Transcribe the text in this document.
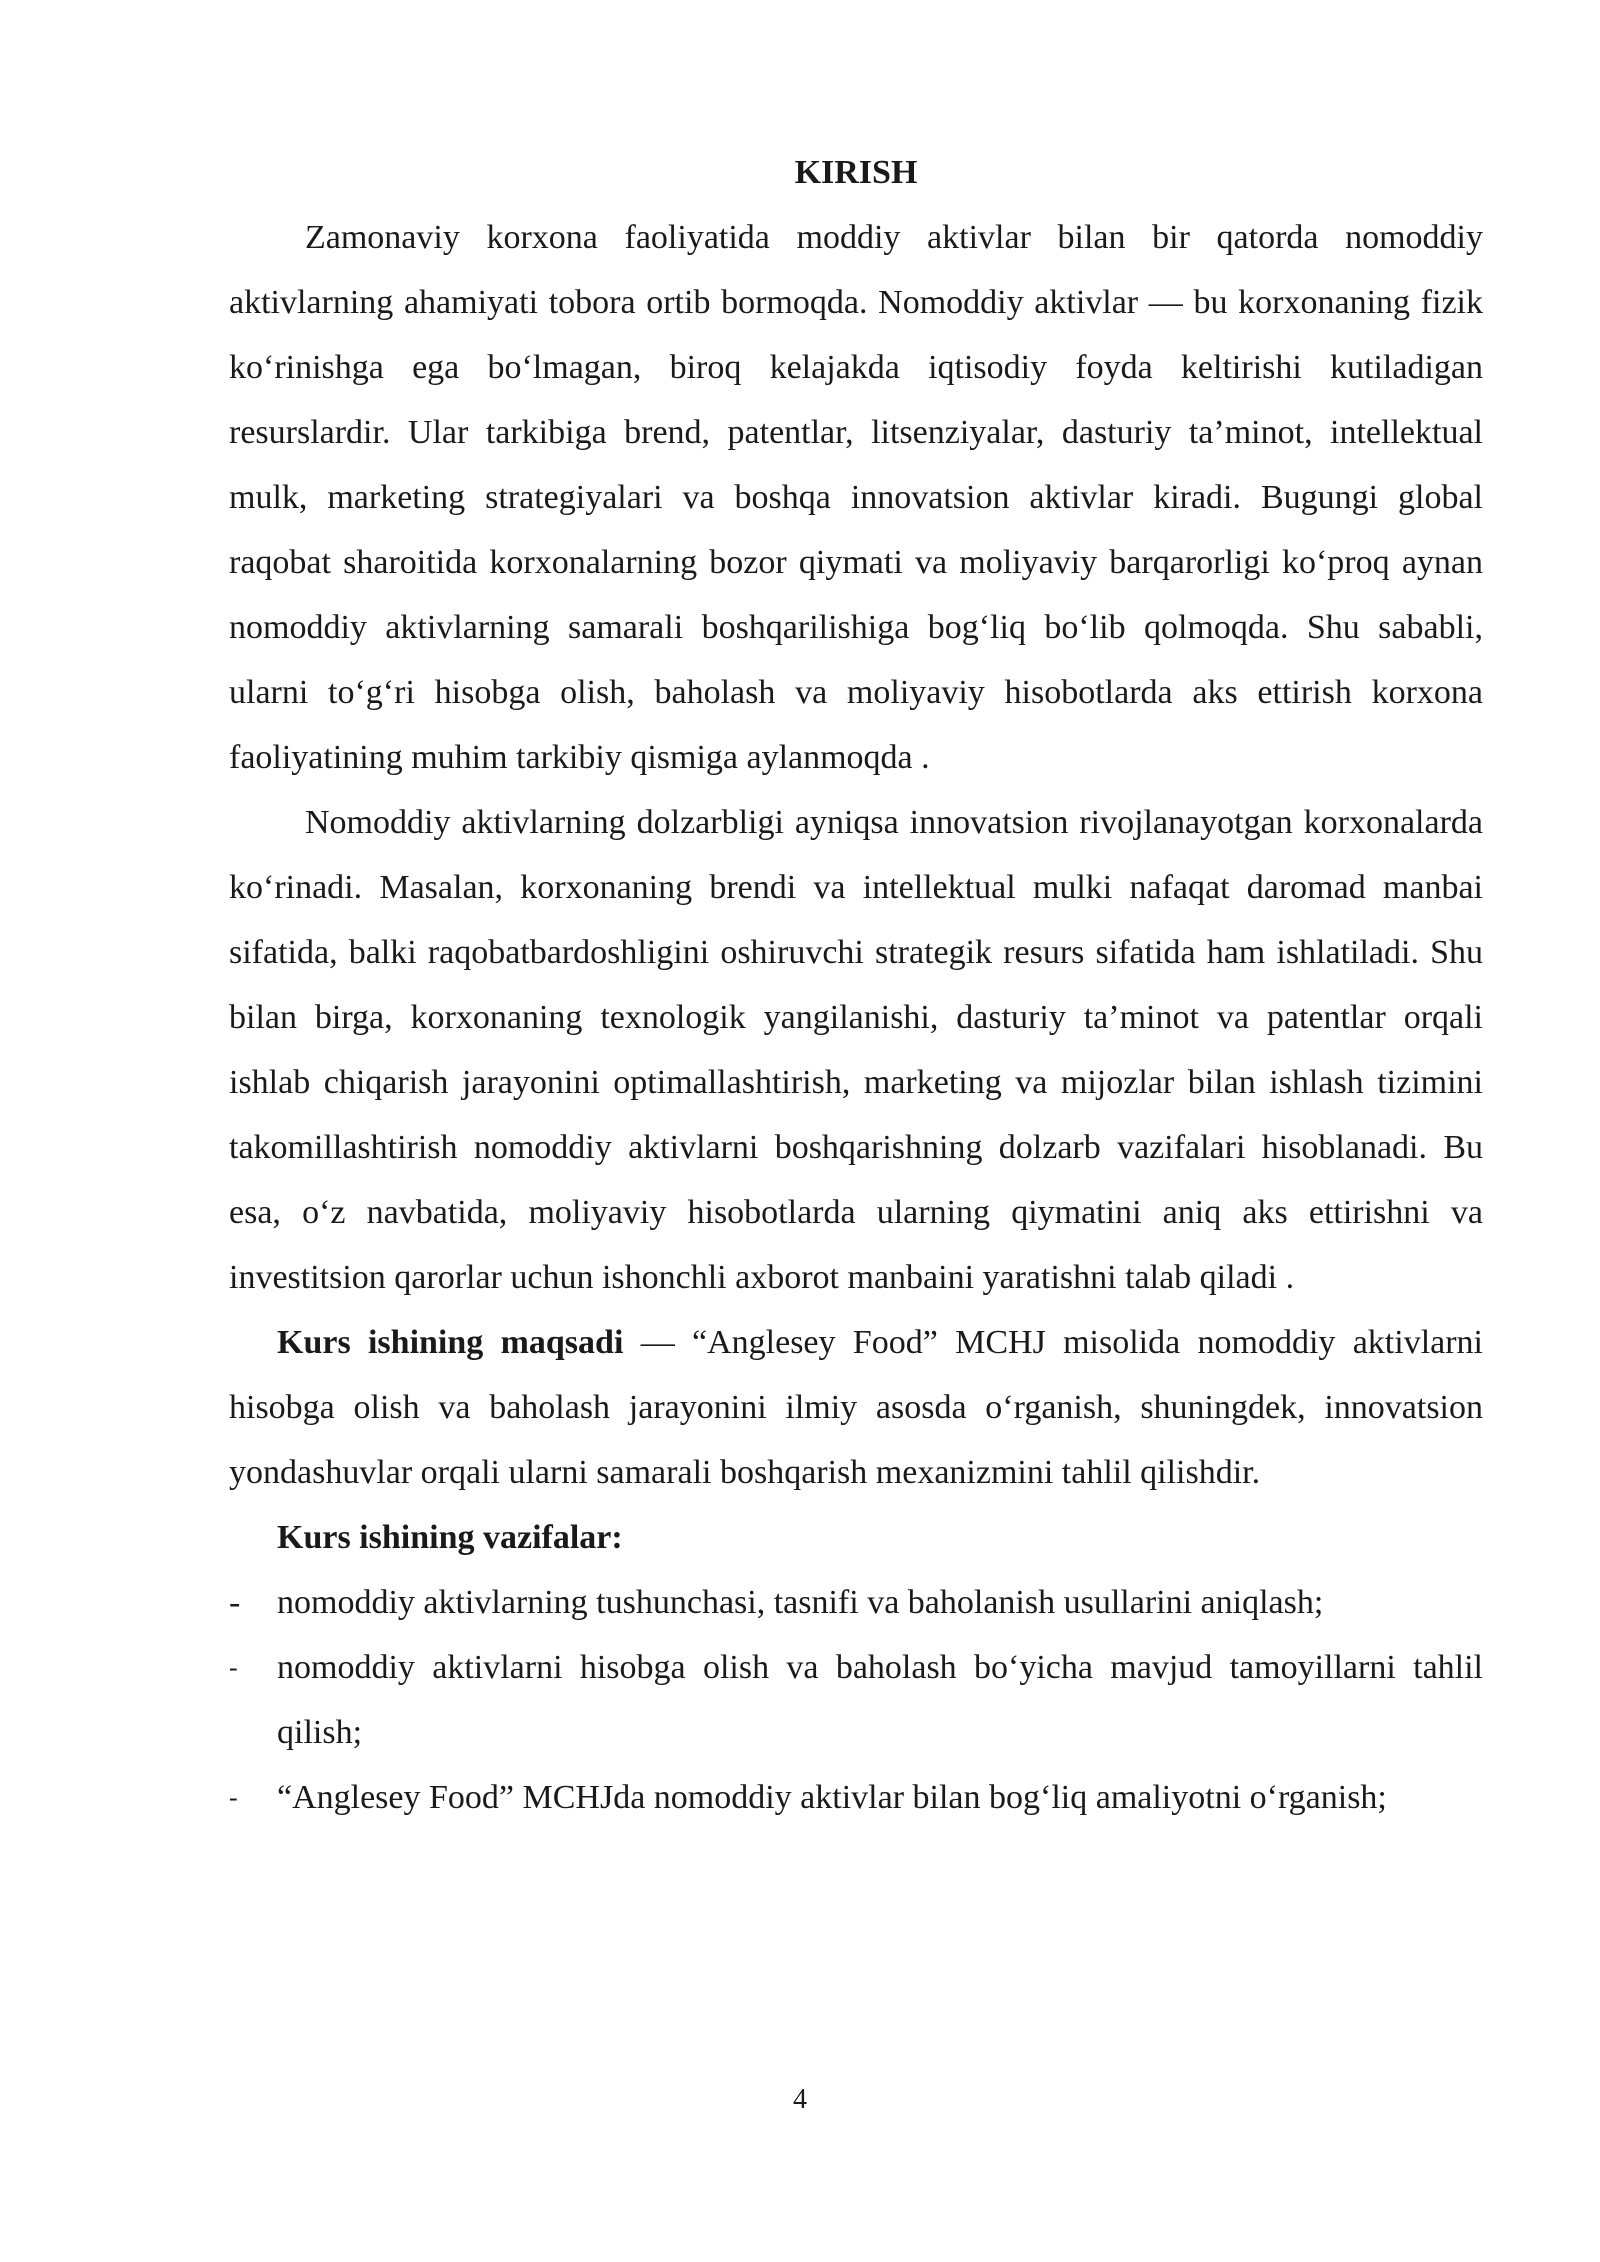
KIRISH

Zamonaviy korxona faoliyatida moddiy aktivlar bilan bir qatorda nomoddiy aktivlarning ahamiyati tobora ortib bormoqda. Nomoddiy aktivlar — bu korxonaning fizik ko‘rinishga ega bo‘lmagan, biroq kelajakda iqtisodiy foyda keltirishi kutiladigan resurslardir. Ular tarkibiga brend, patentlar, litsenziyalar, dasturiy ta’minot, intellektual mulk, marketing strategiyalari va boshqa innovatsion aktivlar kiradi. Bugungi global raqobat sharoitida korxonalarning bozor qiymati va moliyaviy barqarorligi ko‘proq aynan nomoddiy aktivlarning samarali boshqarilishiga bog‘liq bo‘lib qolmoqda. Shu sababli, ularni to‘g‘ri hisobga olish, baholash va moliyaviy hisobotlarda aks ettirish korxona faoliyatining muhim tarkibiy qismiga aylanmoqda .

Nomoddiy aktivlarning dolzarbligi ayniqsa innovatsion rivojlanayotgan korxonalarda ko‘rinadi. Masalan, korxonaning brendi va intellektual mulki nafaqat daromad manbai sifatida, balki raqobatbardoshligini oshiruvchi strategik resurs sifatida ham ishlatiladi. Shu bilan birga, korxonaning texnologik yangilanishi, dasturiy ta’minot va patentlar orqali ishlab chiqarish jarayonini optimallashtirish, marketing va mijozlar bilan ishlash tizimini takomillashtirish nomoddiy aktivlarni boshqarishning dolzarb vazifalari hisoblanadi. Bu esa, o‘z navbatida, moliyaviy hisobotlarda ularning qiymatini aniq aks ettirishni va investitsion qarorlar uchun ishonchli axborot manbaini yaratishni talab qiladi .

Kurs ishining maqsadi — “Anglesey Food” MCHJ misolida nomoddiy aktivlarni hisobga olish va baholash jarayonini ilmiy asosda o‘rganish, shuningdek, innovatsion yondashuvlar orqali ularni samarali boshqarish mexanizmini tahlil qilishdir.

Kurs ishining vazifalar:

- nomoddiy aktivlarning tushunchasi, tasnifi va baholanish usullarini aniqlash;
-	nomoddiy aktivlarni hisobga olish va baholash bo‘yicha mavjud tamoyillarni tahlil qilish;
-	“Anglesey Food” MCHJda nomoddiy aktivlar bilan bog‘liq amaliyotni o‘rganish;
4
